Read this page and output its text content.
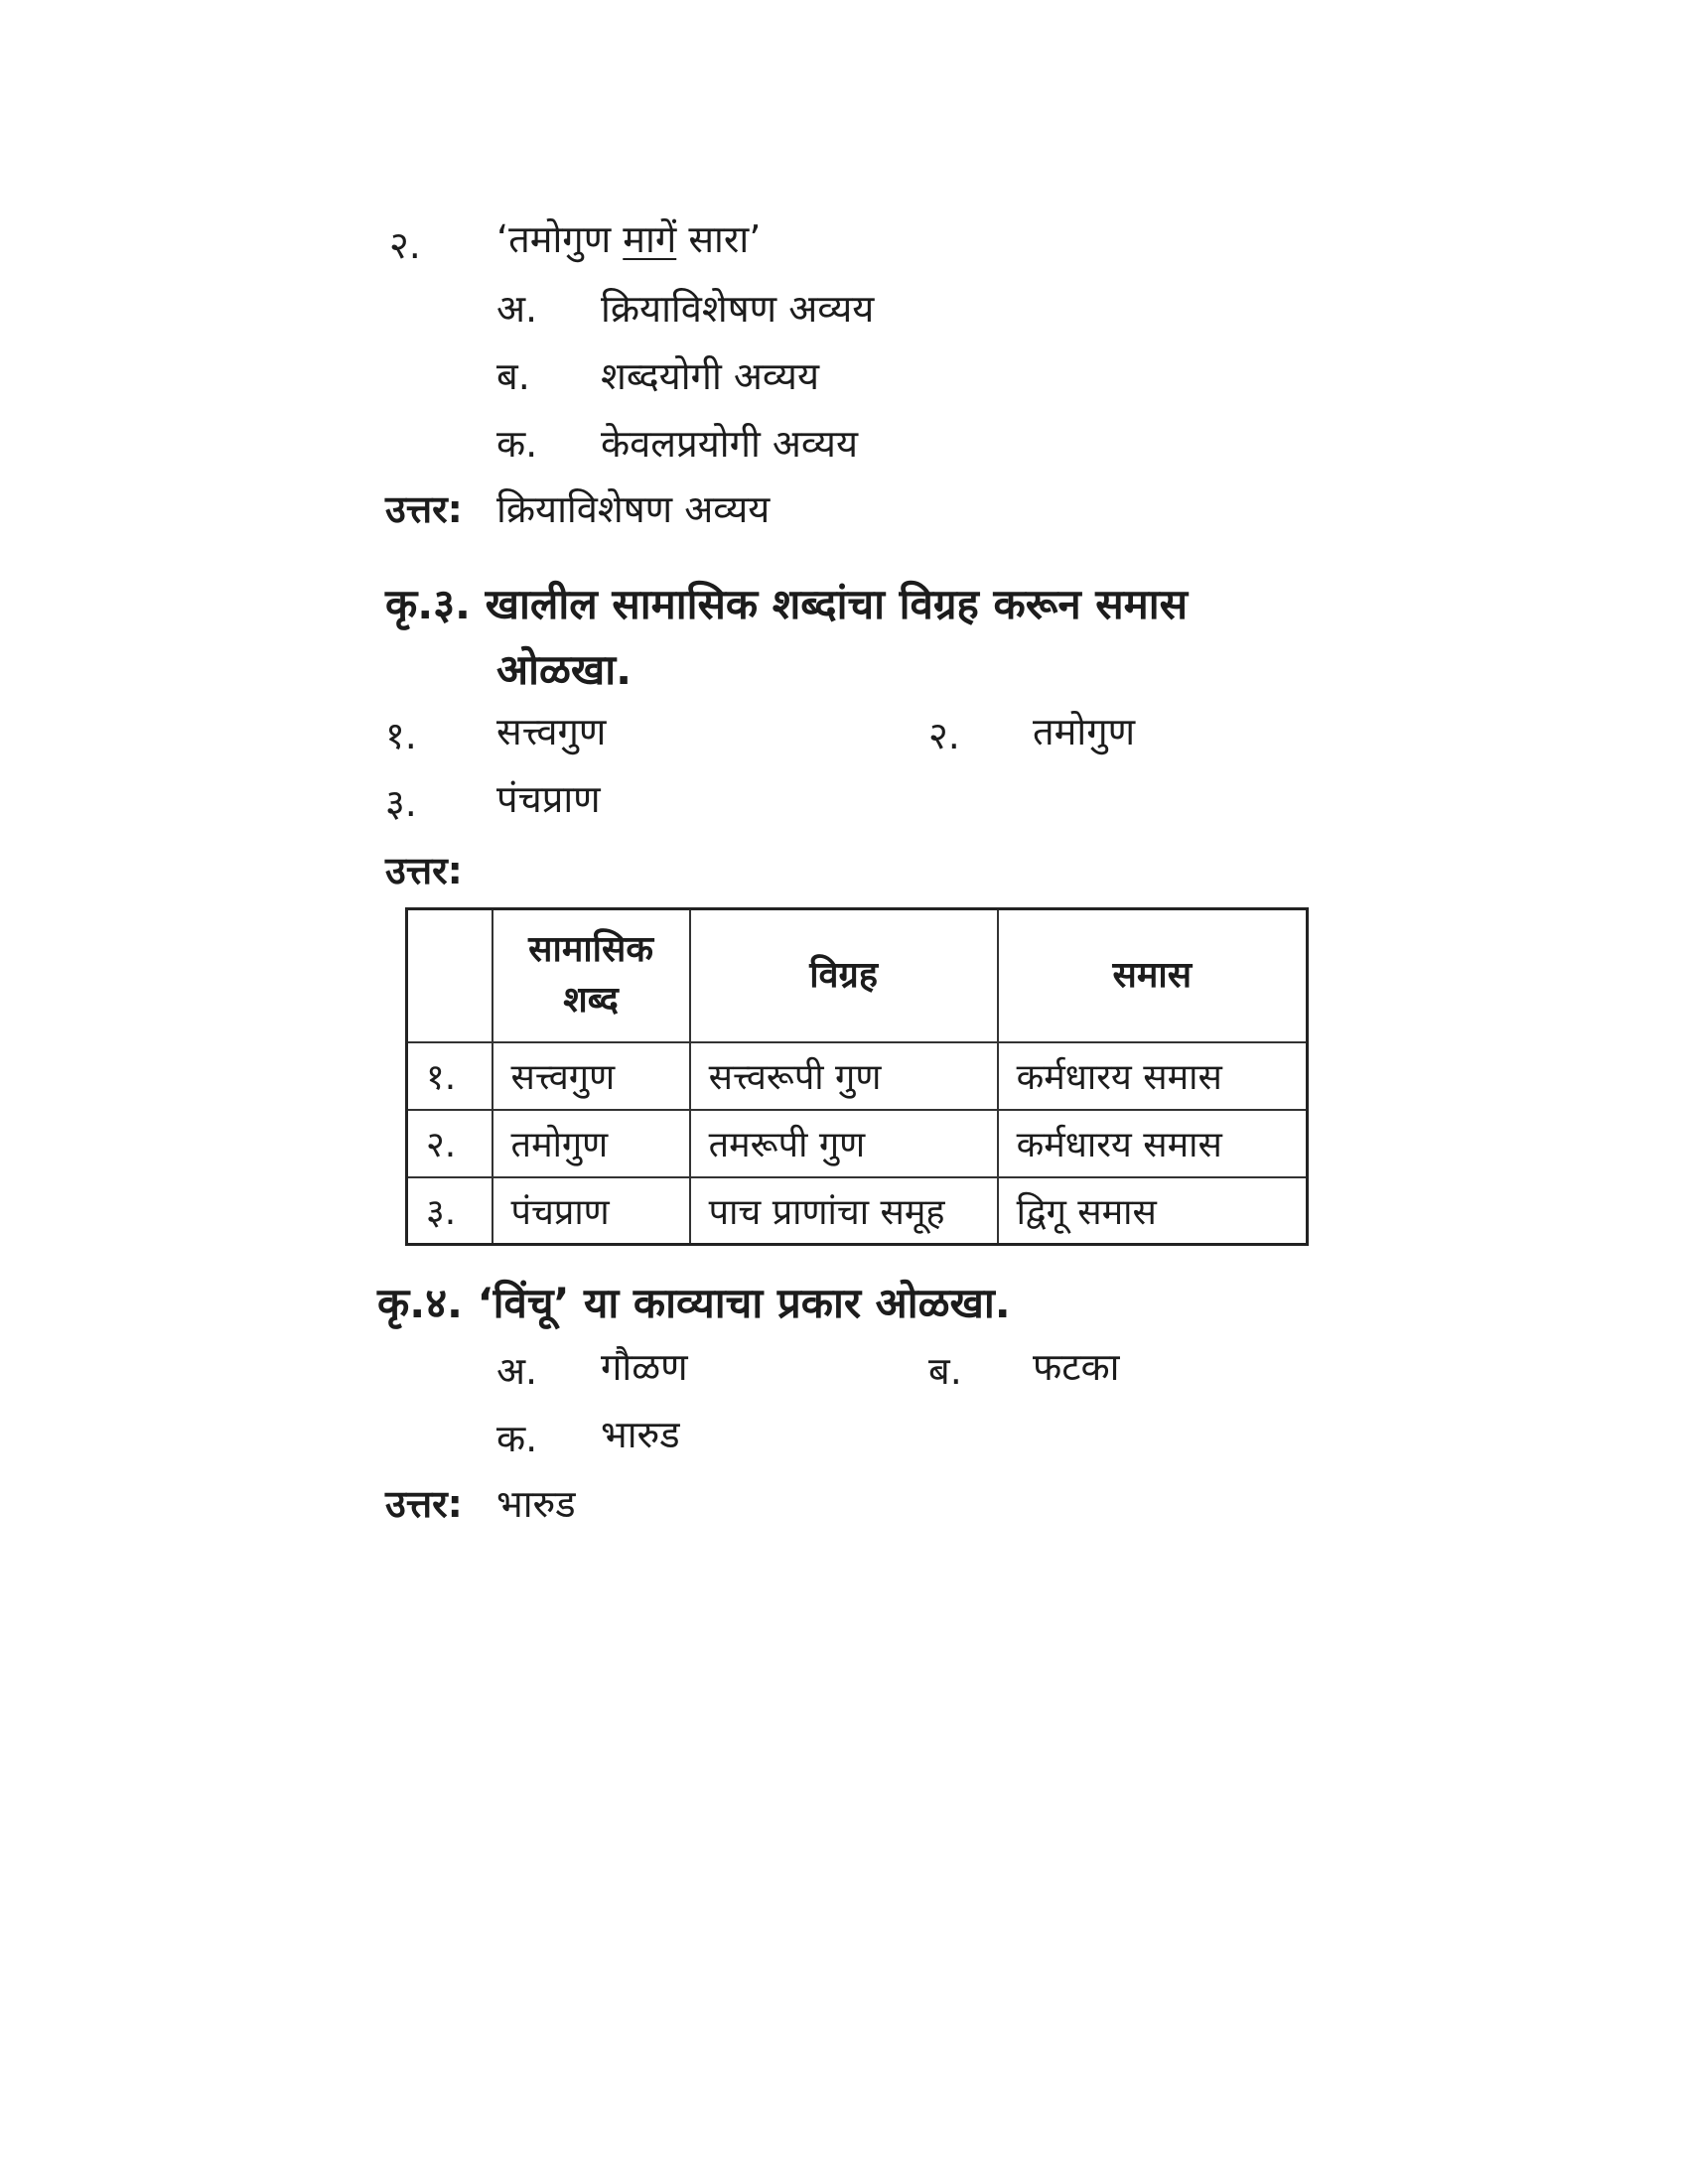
२. ‘तमोगुण मागें सारा’
अ. क्रियाविशेषण अव्यय
ब. शब्दयोगी अव्यय
क. केवलप्रयोगी अव्यय
उत्तर: क्रियाविशेषण अव्यय
कृ.३. खालील सामासिक शब्दांचा विग्रह करून समास
ओळखा.
१. सत्त्वगुण	२. तमोगुण
३. पंचप्राण
उत्तर:
	सामासिक शब्द	विग्रह	समास
१.	सत्त्वगुण	सत्त्वरूपी गुण	कर्मधारय समास
२.	तमोगुण	तमरूपी गुण	कर्मधारय समास
३.	पंचप्राण	पाच प्राणांचा समूह	द्विगू समास
कृ.४. ‘विंचू’ या काव्याचा प्रकार ओळखा.
अ. गौळण	ब. फटका
क. भारुड
उत्तर: भारुड
